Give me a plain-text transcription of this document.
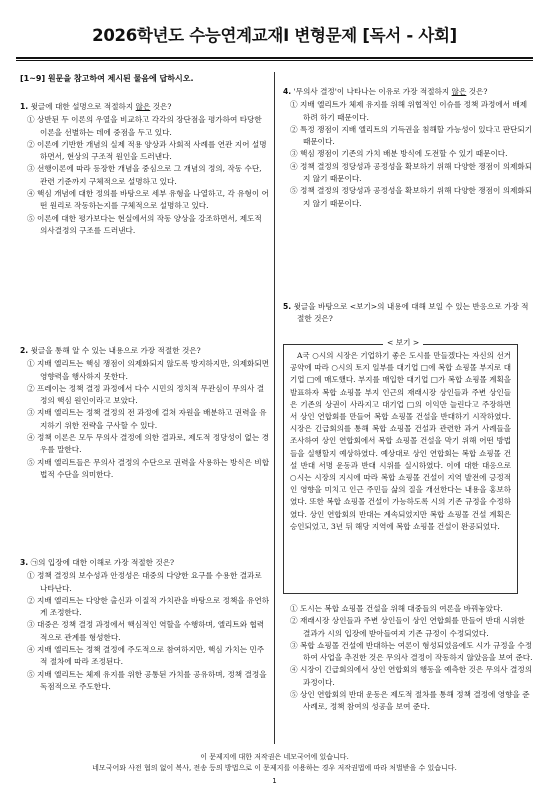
2026학년도 수능연계교재Ⅰ 변형문제 [독서 - 사회]
[1~9] 원문을 참고하여 제시된 물음에 답하시오.
1. 윗글에 대한 설명으로 적절하지 않은 것은?
① 상반된 두 이론의 우열을 비교하고 각각의 장단점을 평가하여 타당한 이론을 선별하는 데에 중점을 두고 있다.
② 이론에 기반한 개념의 실제 적용 양상과 사회적 사례를 연관 지어 설명하면서, 현상의 구조적 원인을 드러낸다.
③ 선행이론에 따라 등장한 개념을 중심으로 그 개념의 정의, 작동 수단, 관련 기준까지 구체적으로 설명하고 있다.
④ 핵심 개념에 대한 정의를 바탕으로 세부 유형을 나열하고, 각 유형이 어떤 원리로 작동하는지를 구체적으로 설명하고 있다.
⑤ 이론에 대한 평가보다는 현실에서의 작동 양상을 강조하면서, 제도적 의사결정의 구조를 드러낸다.
2. 윗글을 통해 알 수 있는 내용으로 가장 적절한 것은?
① 지배 엘리트는 핵심 쟁점이 의제화되지 않도록 방지하지만, 의제화되면 영향력을 행사하지 못한다.
② 프레이는 정책 결정 과정에서 다수 시민의 정치적 무관심이 무의사 결정의 핵심 원인이라고 보았다.
③ 지배 엘리트는 정책 결정의 전 과정에 걸쳐 자원을 배분하고 권력을 유지하기 위한 전략을 구사할 수 있다.
④ 정책 이론은 모두 무의사 결정에 의한 결과로, 제도적 정당성이 없는 경우를 말한다.
⑤ 지배 엘리트들은 무의사 결정의 수단으로 권력을 사용하는 방식은 비합법적 수단을 의미한다.
3. ㉠의 입장에 대한 이해로 가장 적절한 것은?
① 정책 결정의 보수성과 안정성은 대중의 다양한 요구를 수용한 결과로 나타난다.
② 지배 엘리트는 다양한 출신과 이질적 가치관을 바탕으로 정책을 유연하게 조정한다.
③ 대중은 정책 결정 과정에서 핵심적인 역할을 수행하며, 엘리트와 협력적으로 관계를 형성한다.
④ 지배 엘리트는 정책 결정에 주도적으로 참여하지만, 핵심 가치는 민주적 절차에 따라 조정된다.
⑤ 지배 엘리트는 체제 유지를 위한 공통된 가치를 공유하며, 정책 결정을 독점적으로 주도한다.
4. '무의사 결정'이 나타나는 이유로 가장 적절하지 않은 것은?
① 지배 엘리트가 체제 유지를 위해 위협적인 이슈를 정책 과정에서 배제하려 하기 때문이다.
② 특정 쟁점이 지배 엘리트의 기득권을 침해할 가능성이 있다고 판단되기 때문이다.
③ 핵심 쟁점이 기존의 가치 배분 방식에 도전할 수 있기 때문이다.
④ 정책 결정의 정당성과 공정성을 확보하기 위해 다양한 쟁점이 의제화되지 않기 때문이다.
⑤ 정책 결정의 정당성과 공정성을 확보하기 위해 다양한 쟁점이 의제화되지 않기 때문이다.
5. 윗글을 바탕으로 <보기>의 내용에 대해 보일 수 있는 반응으로 가장 적절한 것은?
① 도시는 복합 쇼핑몰 건설을 위해 대중들의 여론을 바꿔놓았다.
② 재래시장 상인들과 주변 상인들이 상인 연합회를 만들어 반대 시위한 결과가 시의 입장에 받아들여져 기존 규정이 수정되었다.
③ 복합 쇼핑몰 건설에 반대하는 여론이 형성되었음에도 시가 규정을 수정하여 사업을 추진한 것은 무의사 결정이 작동하지 않았음을 보여 준다.
④ 시장이 긴급회의에서 상인 연합회의 행동을 예측한 것은 무의사 결정의 과정이다.
⑤ 상인 연합회의 반대 운동은 제도적 절차를 통해 정책 결정에 영향을 준 사례로, 정책 참여의 성공을 보여 준다.
< 보기 >
A국 ○시의 시장은 기업하기 좋은 도시를 만들겠다는 자신의 선거 공약에 따라 ○시의 토지 일부를 대기업 □에 복합 쇼핑몰 부지로 대기업 □에 매도했다. 부지를 매입한 대기업 □가 복합 쇼핑몰 계획을 발표하자 복합 쇼핑몰 부지 인근의 재래시장 상인들과 주변 상인들은 기존의 상권이 사라지고 대기업 □의 이익만 늘린다고 주장하면서 상인 연합회를 만들어 복합 쇼핑몰 건설을 반대하기 시작하였다. 시장은 긴급회의를 통해 복합 쇼핑몰 건설과 관련한 과거 사례들을 조사하여 상인 연합회에서 복합 쇼핑몰 건설을 막기 위해 어떤 방법들을 실행할지 예상하였다. 예상대로 상인 연합회는 복합 쇼핑몰 건설 반대 서명 운동과 반대 시위를 실시하였다. 이에 대한 대응으로 ○시는 시장의 지시에 따라 복합 쇼핑몰 건설이 지역 발전에 긍정적인 영향을 미치고 인근 주민들 삶의 질을 개선한다는 내용을 홍보하였다. 또한 복합 쇼핑몰 건설이 가능하도록 시의 기존 규정을 수정하였다. 상인 연합회의 반대는 계속되었지만 복합 쇼핑몰 건설 계획은 승인되었고, 3년 뒤 해당 지역에 복합 쇼핑몰 건설이 완공되었다.
이 문제지에 대한 저작권은 네모국어에 있습니다.
네모국어와 사전 협의 없이 복사, 전송 등의 방법으로 이 문제지를 이용하는 경우 저작권법에 따라 처벌받을 수 있습니다.
1
